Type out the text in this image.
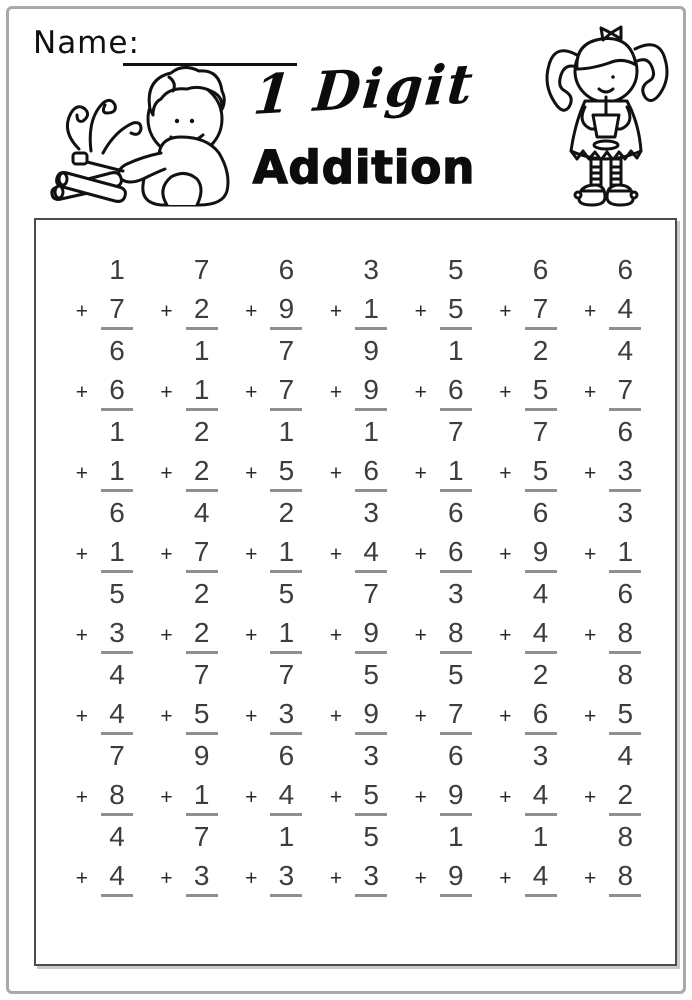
Name:
1 Digit
Addition
1
+ 7
7
+ 2
6
+ 9
3
+ 1
5
+ 5
6
+ 7
6
+ 4
6
+ 6
1
+ 1
7
+ 7
9
+ 9
1
+ 6
2
+ 5
4
+ 7
1
+ 1
2
+ 2
1
+ 5
1
+ 6
7
+ 1
7
+ 5
6
+ 3
6
+ 1
4
+ 7
2
+ 1
3
+ 4
6
+ 6
6
+ 9
3
+ 1
5
+ 3
2
+ 2
5
+ 1
7
+ 9
3
+ 8
4
+ 4
6
+ 8
4
+ 4
7
+ 5
7
+ 3
5
+ 9
5
+ 7
2
+ 6
8
+ 5
7
+ 8
9
+ 1
6
+ 4
3
+ 5
6
+ 9
3
+ 4
4
+ 2
4
+ 4
7
+ 3
1
+ 3
5
+ 3
1
+ 9
1
+ 4
8
+ 8
